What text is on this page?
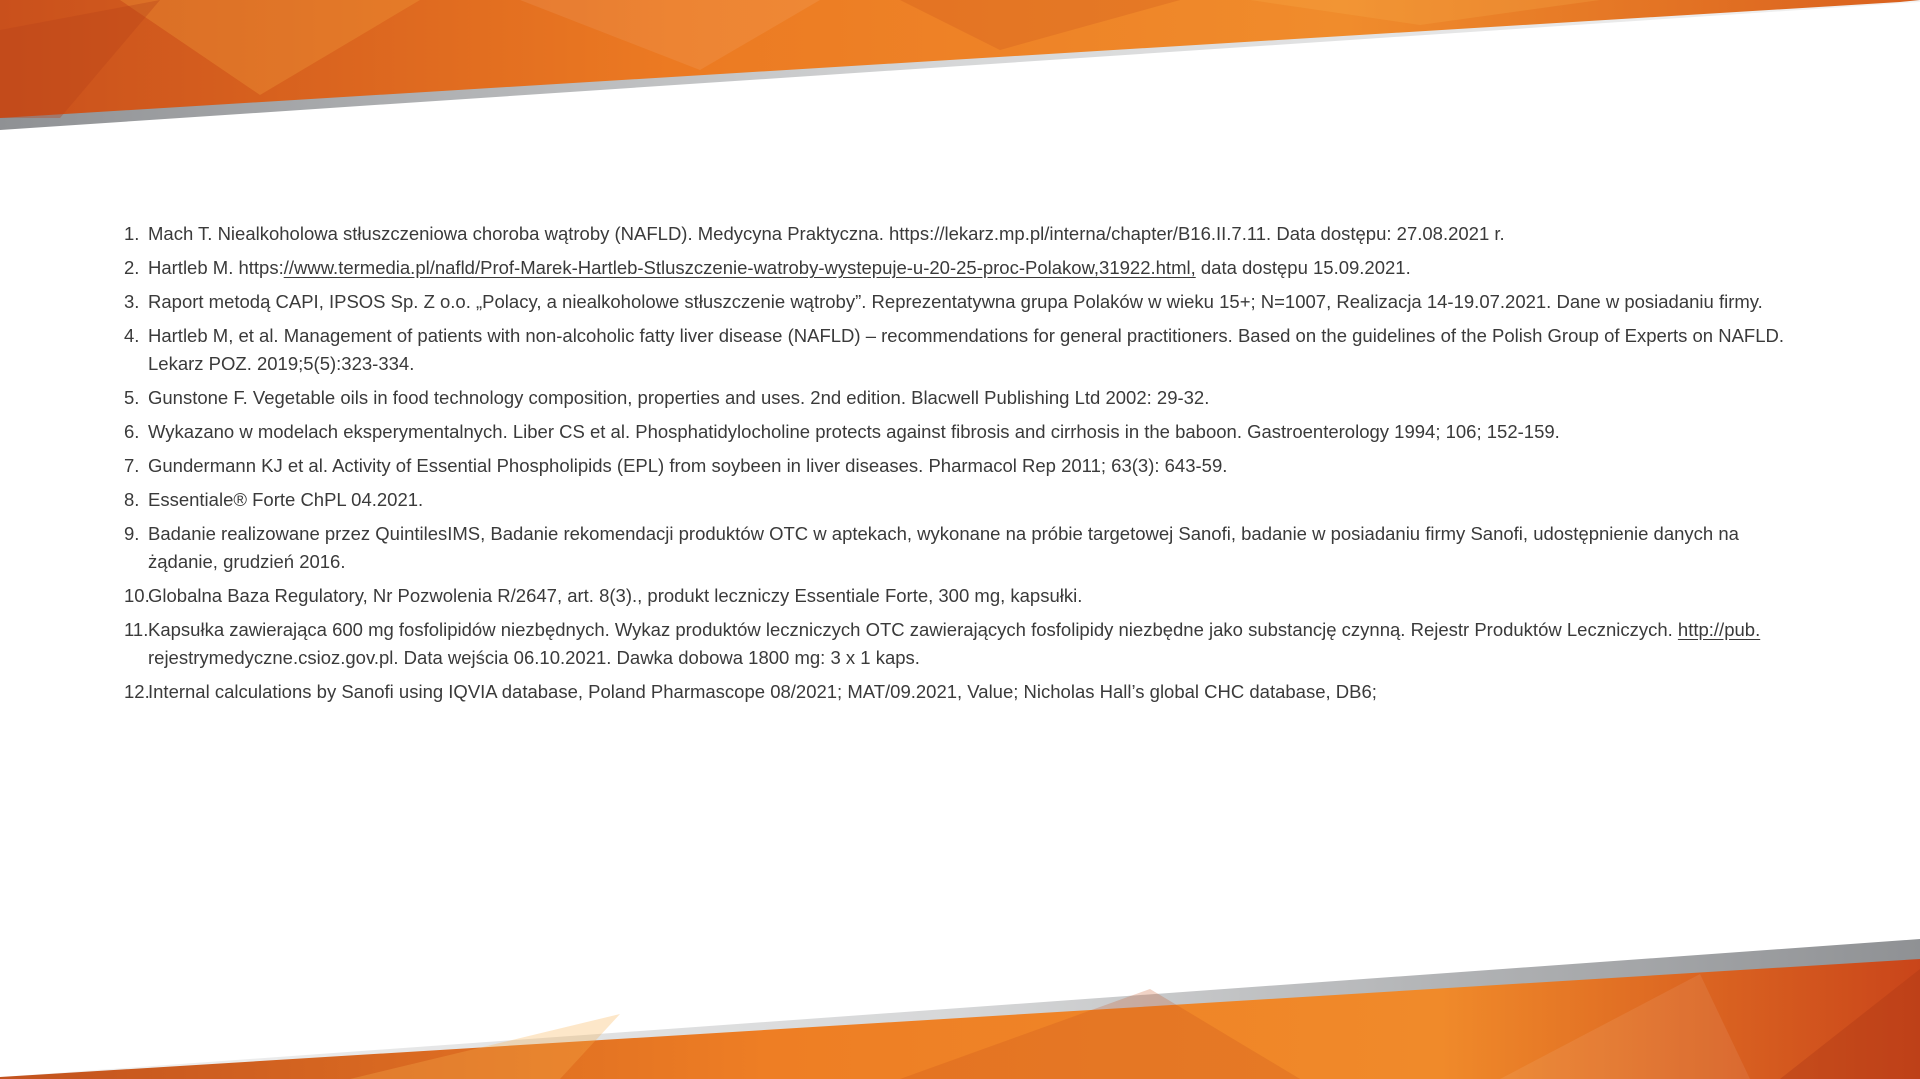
1. Mach T. Niealkoholowa stłuszczeniowa choroba wątroby (NAFLD). Medycyna Praktyczna. https://lekarz.mp.pl/interna/chapter/B16.II.7.11. Data dostępu: 27.08.2021 r.
2. Hartleb M. https://www.termedia.pl/nafld/Prof-Marek-Hartleb-Stluszczenie-watroby-wystepuje-u-20-25-proc-Polakow,31922.html, data dostępu 15.09.2021.
3. Raport metodą CAPI, IPSOS Sp. Z o.o. „Polacy, a niealkoholowe stłuszczenie wątroby”. Reprezentatywna grupa Polaków w wieku 15+; N=1007, Realizacja 14-19.07.2021. Dane w posiadaniu firmy.
4. Hartleb M, et al. Management of patients with non-alcoholic fatty liver disease (NAFLD) – recommendations for general practitioners. Based on the guidelines of the Polish Group of Experts on NAFLD. Lekarz POZ. 2019;5(5):323-334.
5. Gunstone F. Vegetable oils in food technology composition, properties and uses. 2nd edition. Blacwell Publishing Ltd 2002: 29-32.
6. Wykazano w modelach eksperymentalnych. Liber CS et al. Phosphatidylocholine protects against fibrosis and cirrhosis in the baboon. Gastroenterology 1994; 106; 152-159.
7. Gundermann KJ et al. Activity of Essential Phospholipids (EPL) from soybeen in liver diseases. Pharmacol Rep 2011; 63(3): 643-59.
8. Essentiale® Forte ChPL 04.2021.
9. Badanie realizowane przez QuintilesIMS, Badanie rekomendacji produktów OTC w aptekach, wykonane na próbie targetowej Sanofi, badanie w posiadaniu firmy Sanofi, udostępnienie danych na żądanie, grudzień 2016.
10.
Globalna Baza Regulatory, Nr Pozwolenia R/2647, art. 8(3)., produkt leczniczy Essentiale Forte, 300 mg, kapsułki.
11. Kapsułka zawierająca 600 mg fosfolipidów niezbędnych. Wykaz produktów leczniczych OTC zawierających fosfolipidy niezbędne jako substancję czynną. Rejestr Produktów Leczniczych. http://pub. rejestrymedyczne.csioz.gov.pl. Data wejścia 06.10.2021. Dawka dobowa 1800 mg: 3 x 1 kaps.
12.
Internal calculations by Sanofi using IQVIA database, Poland Pharmascope 08/2021; MAT/09.2021, Value; Nicholas Hall’s global CHC database, DB6;
